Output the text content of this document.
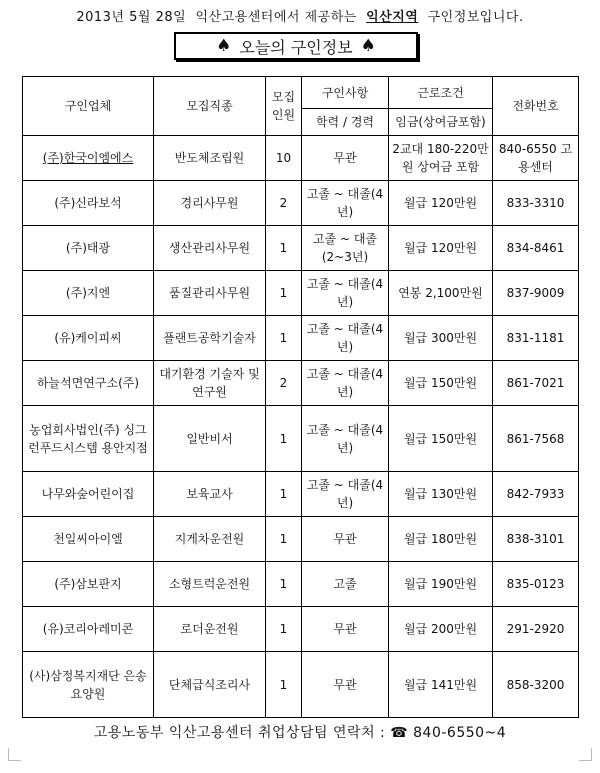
2013년 5월 28일 익산고용센터에서 제공하는 익산지역 구인정보입니다.
♠ 오늘의 구인정보 ♠
구인업체	모집직종	모집 인원	구인사항	근로조건	전화번호
			학력 / 경력	임금(상여금포함)	
(주)한국이엠에스	반도체조립원	10	무관	2교대 180-220만원 상여금 포함	840-6550 고용센터
(주)신라보석	경리사무원	2	고졸 ~ 대졸(4년)	월급 120만원	833-3310
(주)태광	생산관리사무원	1	고졸 ~ 대졸(2~3년)	월급 120만원	834-8461
(주)지엔	품질관리사무원	1	고졸 ~ 대졸(4년)	연봉 2,100만원	837-9009
(유)케이피씨	플랜트공학기술자	1	고졸 ~ 대졸(4년)	월급 300만원	831-1181
하늘석면연구소(주)	대기환경 기술자 및 연구원	2	고졸 ~ 대졸(4년)	월급 150만원	861-7021
농업회사법인(주) 싱그런푸드시스템 용안지점	일반비서	1	고졸 ~ 대졸(4년)	월급 150만원	861-7568
나무와숲어린이집	보육교사	1	고졸 ~ 대졸(4년)	월급 130만원	842-7933
천일씨아이엘	지게차운전원	1	무관	월급 180만원	838-3101
(주)삼보판지	소형트럭운전원	1	고졸	월급 190만원	835-0123
(유)코리아레미콘	로더운전원	1	무관	월급 200만원	291-2920
(사)삼정복지재단 은송요양원	단체급식조리사	1	무관	월급 141만원	858-3200
고용노동부 익산고용센터 취업상담팀 연락처 : ☎ 840-6550~4
